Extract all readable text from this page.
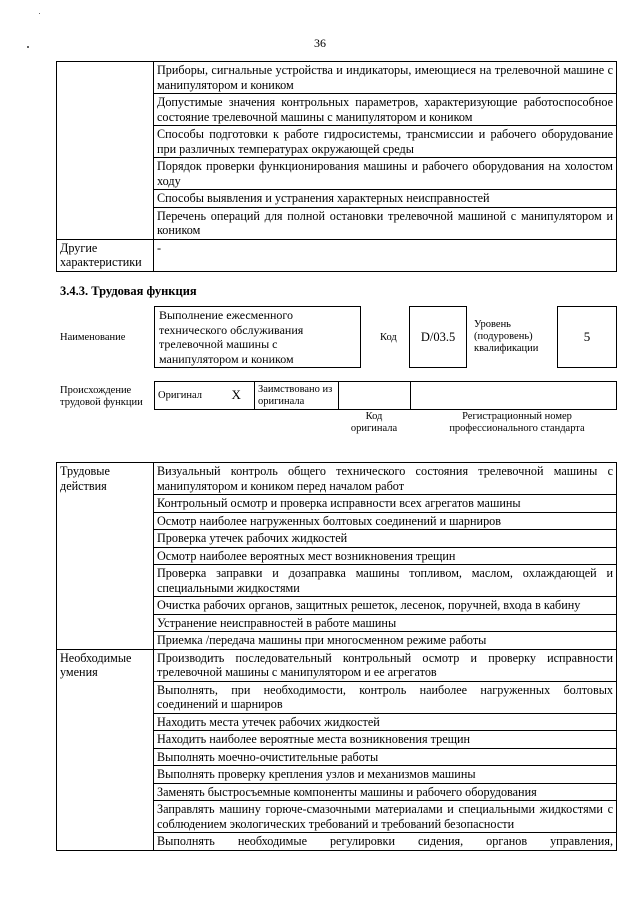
36
	Приборы, сигнальные устройства и индикаторы, имеющиеся на трелевочной машине с манипулятором и коником
	Допустимые значения контрольных параметров, характеризующие работоспособное состояние трелевочной машины с манипулятором и коником
	Способы подготовки к работе гидросистемы, трансмиссии и рабочего оборудование при различных температурах окружающей среды
	Порядок проверки функционирования машины и рабочего оборудования на холостом ходу
	Способы выявления и устранения характерных неисправностей
	Перечень операций для полной остановки трелевочной машиной с манипулятором и коником
Другие характеристики	-
3.4.3. Трудовая функция
Наименование
Выполнение ежесменного технического обслуживания трелевочной машины с манипулятором и коником
Код	D/03.5
Уровень (подуровень) квалификации
5
Происхождение трудовой функции
Оригинал	X	Заимствовано из оригинала		
Код оригинала
Регистрационный номер профессионального стандарта
Трудовые действия	Визуальный контроль общего технического состояния трелевочной машины с манипулятором и коником перед началом работ
	Контрольный осмотр и проверка исправности всех агрегатов машины
	Осмотр наиболее нагруженных болтовых соединений и шарниров
	Проверка утечек рабочих жидкостей
	Осмотр наиболее вероятных мест возникновения трещин
	Проверка заправки и дозаправка машины топливом, маслом, охлаждающей и специальными жидкостями
	Очистка рабочих органов, защитных решеток, лесенок, поручней, входа в кабину
	Устранение неисправностей в работе машины
	Приемка /передача машины при многосменном режиме работы
Необходимые умения	Производить последовательный контрольный осмотр и проверку исправности трелевочной машины с манипулятором и ее агрегатов
	Выполнять, при необходимости, контроль наиболее нагруженных болтовых соединений и шарниров
	Находить места утечек рабочих жидкостей
	Находить наиболее вероятные места возникновения трещин
	Выполнять моечно-очистительные работы
	Выполнять проверку крепления узлов и механизмов машины
	Заменять быстросъемные компоненты машины и рабочего оборудования
	Заправлять машину горюче-смазочными материалами и специальными жидкостями с соблюдением экологических требований и требований безопасности
	Выполнять необходимые регулировки сидения, органов управления,
